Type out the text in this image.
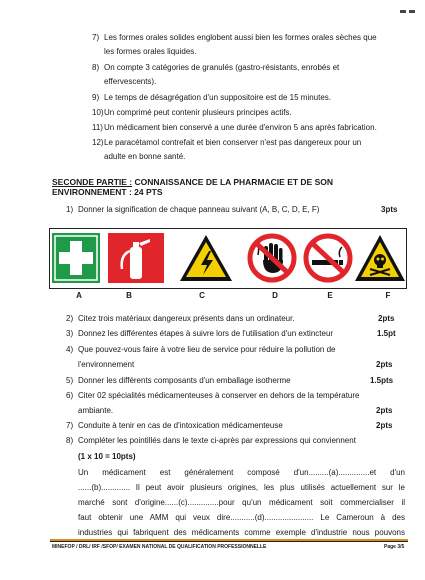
7) Les formes orales solides englobent aussi bien les formes orales sèches que
les formes orales liquides.
8) On compte 3 catégories de granulés (gastro-résistants, enrobés et
effervescents).
9) Le temps de désagrégation d'un suppositoire est de 15 minutes.
10) Un comprimé peut contenir plusieurs principes actifs.
11) Un médicament bien conservé a une durée d'environ 5 ans après fabrication.
12) Le paracétamol contrefait et bien conserver n'est pas dangereux pour un
adulte en bonne santé.
SECONDE PARTIE : CONNAISSANCE DE LA PHARMACIE ET DE SON
ENVIRONNEMENT : 24 PTS
1) Donner la signification de chaque panneau suivant (A, B, C, D, E, F)	3pts
A	B	C	D	E	F
2) Citez trois matériaux dangereux présents dans un ordinateur.	2pts
3) Donnez les différentes étapes à suivre lors de l'utilisation d'un extincteur	1.5pt
4) Que pouvez-vous faire à votre lieu de service pour réduire la pollution de
l'environnement	2pts
5) Donner les différents composants d'un emballage isotherme	1.5pts
6) Citer 02 spécialités médicamenteuses à conserver en dehors de la température
ambiante.	2pts
7) Conduite à tenir en cas de d'intoxication médicamenteuse	2pts
8) Compléter les pointillés dans le texte ci-après par expressions qui conviennent
(1 x 10 = 10pts)
Un médicament est généralement composé d'un.........(a)..............et d'un
......(b)............. Il peut avoir plusieurs origines, les plus utilisés actuellement sur le
marché sont d'origine......(c)..............pour qu'un médicament soit commercialiser il
faut obtenir une AMM qui veux dire...........(d)...................... Le Cameroun à des
industries qui fabriquent des médicaments comme exemple d'industrie nous pouvons
MINEFOP / DRL/ IRF /SFOP/ EXAMEN NATIONAL DE QUALIFICATION PROFESSIONNELLE	Page 3/5
